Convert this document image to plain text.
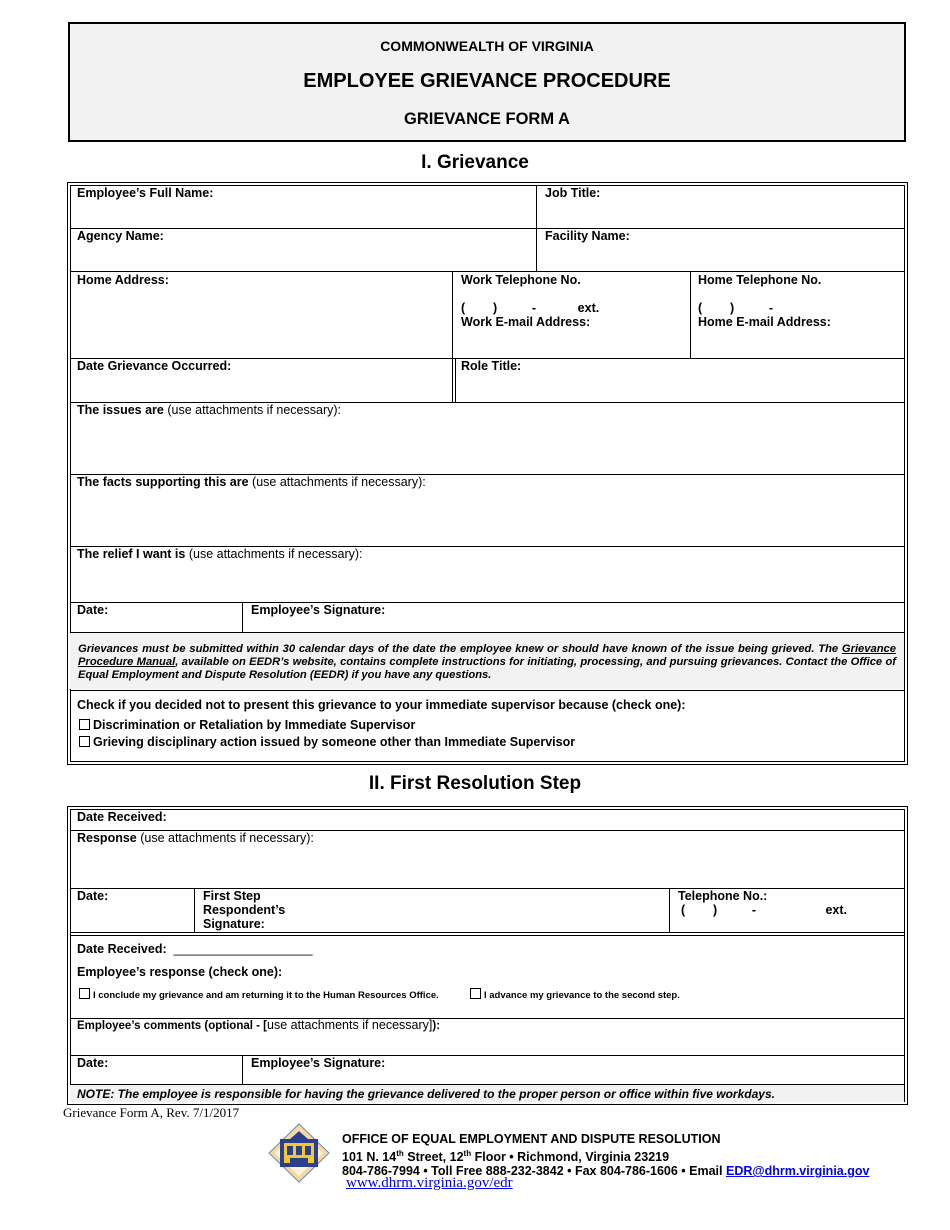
COMMONWEALTH OF VIRGINIA
EMPLOYEE GRIEVANCE PROCEDURE
GRIEVANCE FORM A
I. Grievance
Employee’s Full Name:	Job Title:
Agency Name:	Facility Name:
Home Address:	Work Telephone No.
(        )          -            ext.
Work E-mail Address:
Home Telephone No.
(        )          -
Home E-mail Address:
Date Grievance Occurred:	Role Title:
The issues are (use attachments if necessary):
The facts supporting this are (use attachments if necessary):
The relief I want is (use attachments if necessary):
Date:	Employee’s Signature:
Grievances must be submitted within 30 calendar days of the date the employee knew or should have known of the issue being grieved. The Grievance Procedure Manual, available on EEDR’s website, contains complete instructions for initiating, processing, and pursuing grievances. Contact the Office of Equal Employment and Dispute Resolution (EEDR) if you have any questions.
Check if you decided not to present this grievance to your immediate supervisor because (check one):
Discrimination or Retaliation by Immediate Supervisor
Grieving disciplinary action issued by someone other than Immediate Supervisor
II. First Resolution Step
Date Received:
Response (use attachments if necessary):
Date:	First Step
Respondent’s
Signature:
Telephone No.:
(        )          -                    ext.
Date Received: ____________________
Employee’s response (check one):
I conclude my grievance and am returning it to the Human Resources Office.	I advance my grievance to the second step.
Employee’s comments (optional - [use attachments if necessary]):
Date:	Employee’s Signature:
NOTE: The employee is responsible for having the grievance delivered to the proper person or office within five workdays.
Grievance Form A, Rev. 7/1/2017
OFFICE OF EQUAL EMPLOYMENT AND DISPUTE RESOLUTION
101 N. 14th Street, 12th Floor • Richmond, Virginia 23219
804-786-7994 • Toll Free 888-232-3842 • Fax 804-786-1606 • Email EDR@dhrm.virginia.gov
www.dhrm.virginia.gov/edr
